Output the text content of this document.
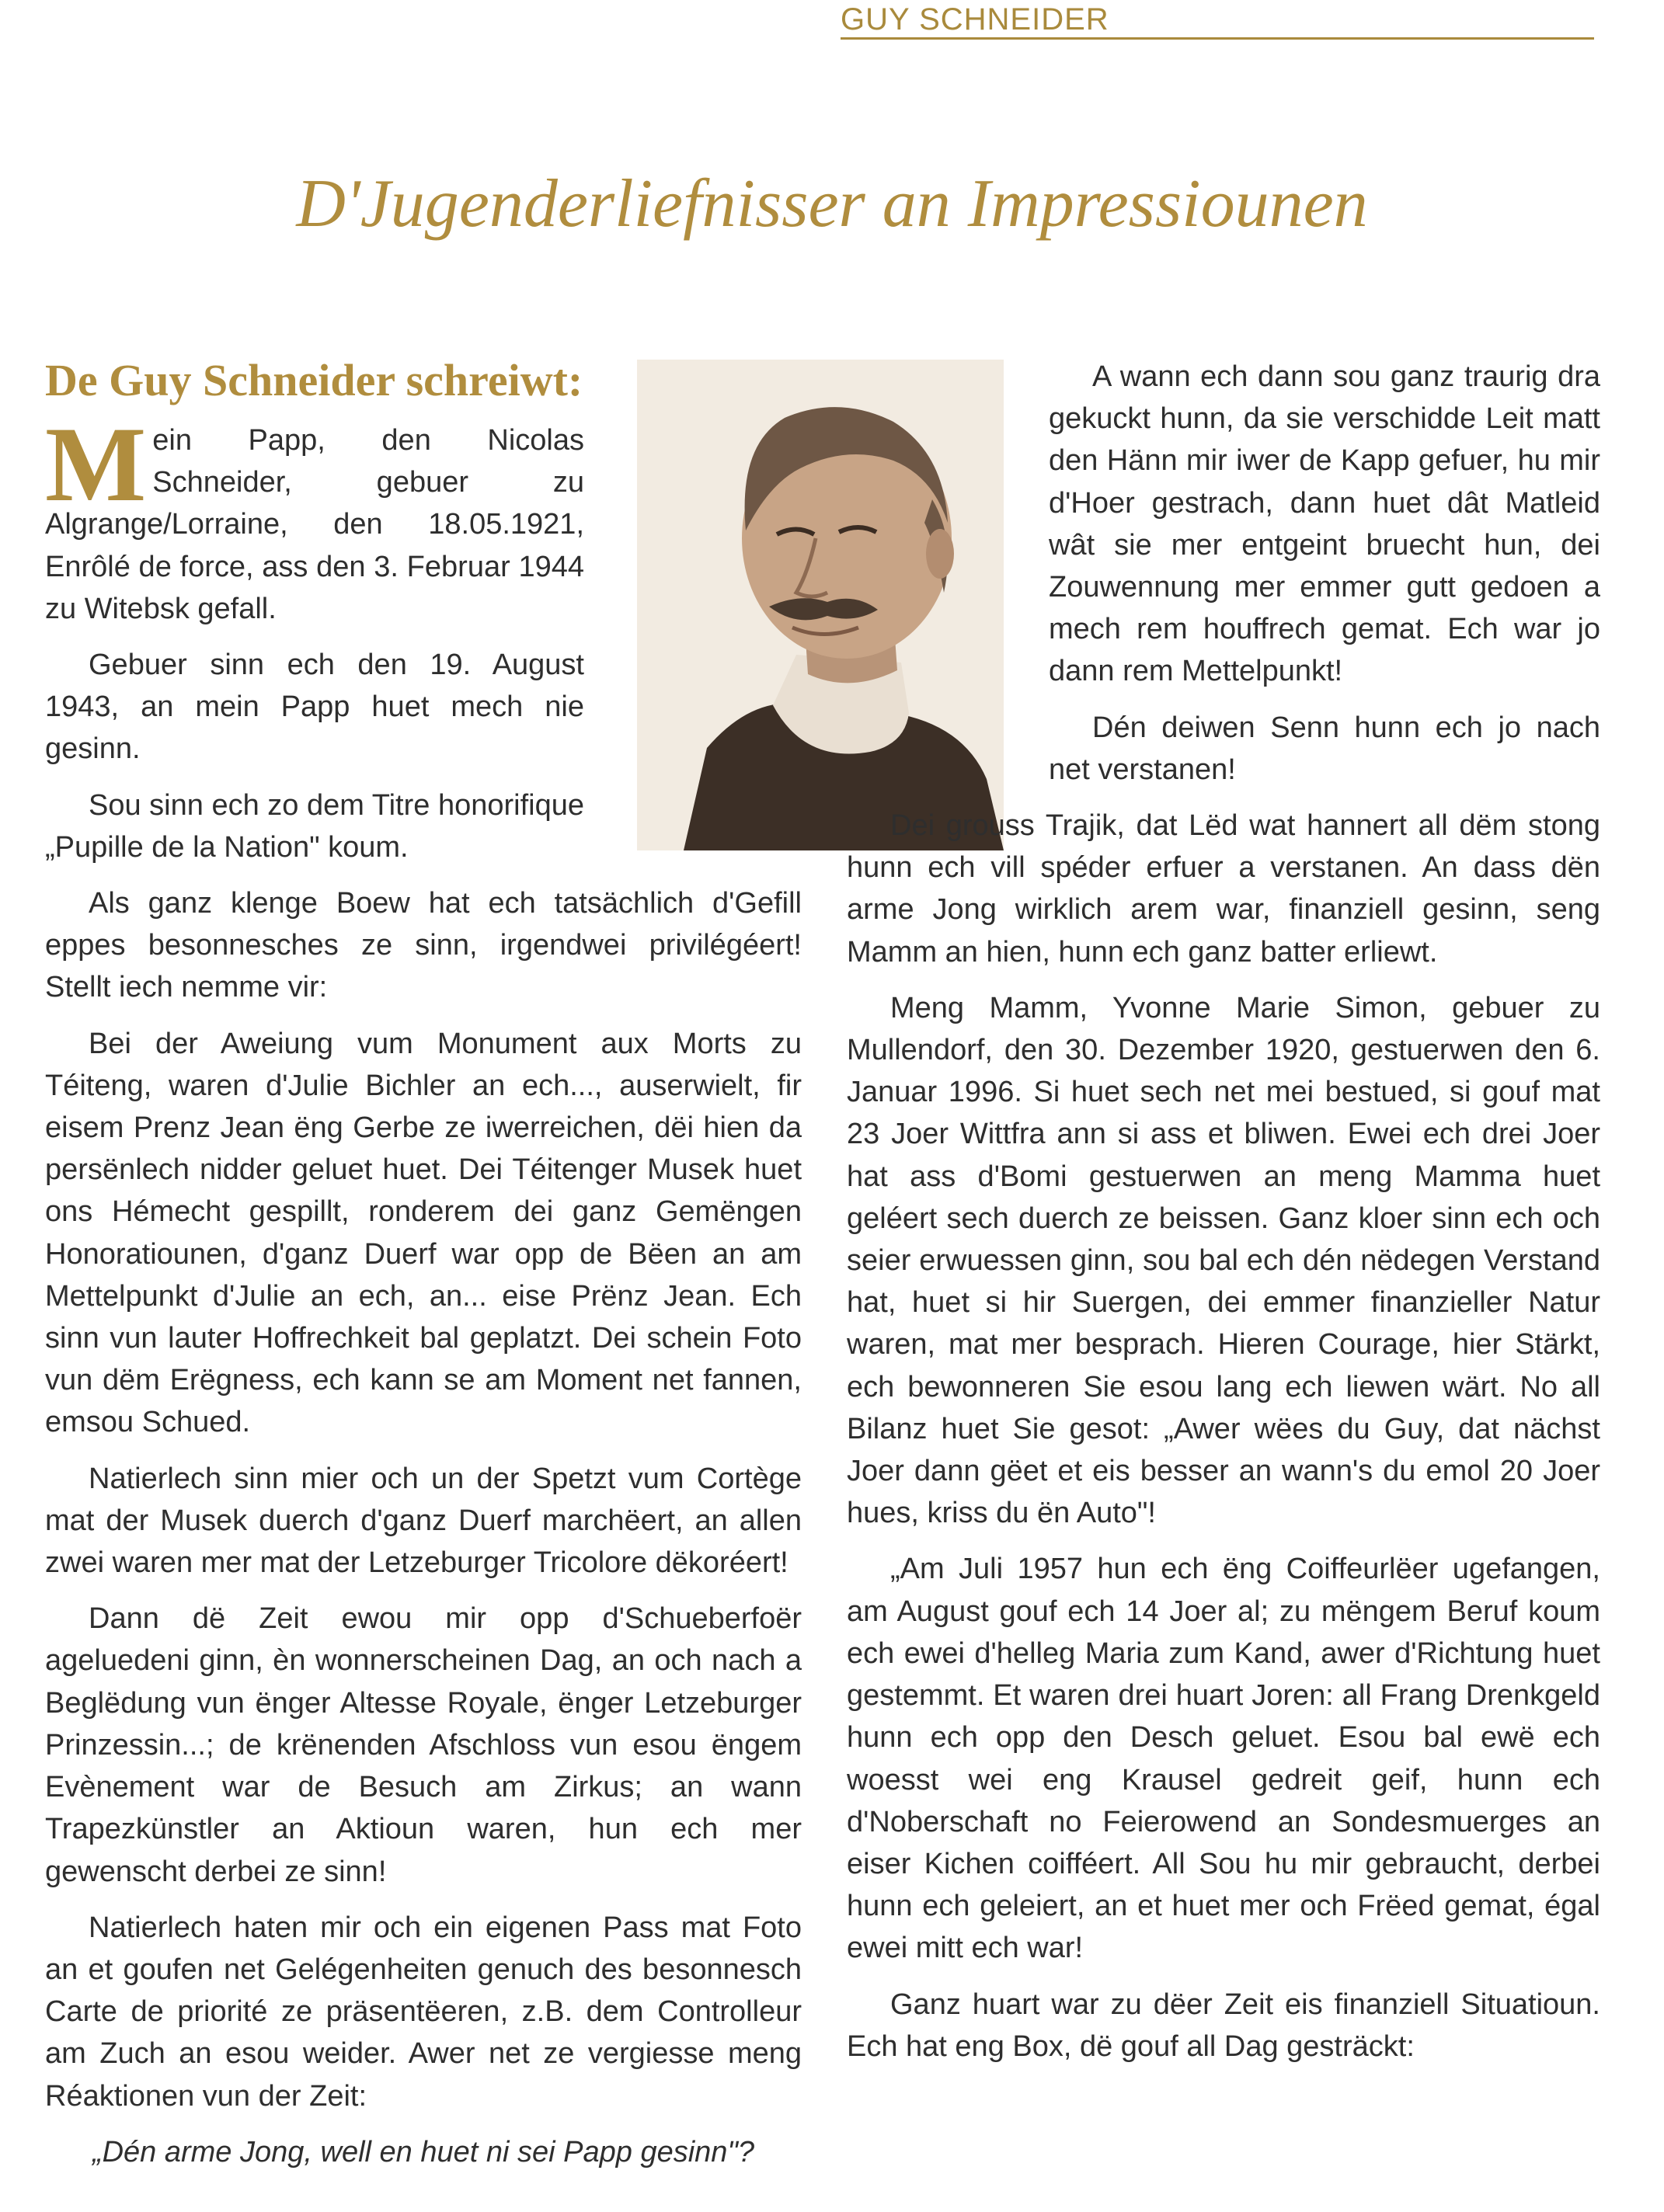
GUY SCHNEIDER
D'Jugenderliefnisser an Impressiounen

De Guy Schneider schreiwt:

Mein Papp, den Nicolas Schneider, gebuer zu Algrange/Lorraine, den 18.05.1921, Enrôlé de force, ass den 3. Februar 1944 zu Witebsk gefall.

Gebuer sinn ech den 19. August 1943, an mein Papp huet mech nie gesinn.

Sou sinn ech zo dem Titre honorifique „Pupille de la Nation" koum.

Als ganz klenge Boew hat ech tatsächlich d'Gefill eppes besonnesches ze sinn, irgendwei privilégéert! Stellt iech nemme vir:

Bei der Aweiung vum Monument aux Morts zu Téiteng, waren d'Julie Bichler an ech..., auserwielt, fir eisem Prenz Jean ëng Gerbe ze iwerreichen, dëi hien da persënlech nidder geluet huet. Dei Téitenger Musek huet ons Hémecht gespillt, ronderem dei ganz Gemëngen Honoratiounen, d'ganz Duerf war opp de Bëen an am Mettelpunkt d'Julie an ech, an... eise Prënz Jean. Ech sinn vun lauter Hoffrechkeit bal geplatzt. Dei schein Foto vun dëm Erëgness, ech kann se am Moment net fannen, emsou Schued.

Natierlech sinn mier och un der Spetzt vum Cortège mat der Musek duerch d'ganz Duerf marchëert, an allen zwei waren mer mat der Letzeburger Tricolore dëkoréert!

Dann dë Zeit ewou mir opp d'Schueberfoër ageluedeni ginn, èn wonnerscheinen Dag, an och nach a Beglëdung vun ënger Altesse Royale, ënger Letzeburger Prinzessin...; de krënenden Afschloss vun esou ëngem Evènement war de Besuch am Zirkus; an wann Trapezkünstler an Aktioun waren, hun ech mer gewenscht derbei ze sinn!

Natierlech haten mir och ein eigenen Pass mat Foto an et goufen net Gelégenheiten genuch des besonnesch Carte de priorité ze präsentëeren, z.B. dem Controlleur am Zuch an esou weider. Awer net ze vergiesse meng Réaktionen vun der Zeit:

„Dén arme Jong, well en huet ni sei Papp gesinn"?

A wann ech dann sou ganz traurig dra gekuckt hunn, da sie verschidde Leit matt den Hänn mir iwer de Kapp gefuer, hu mir d'Hoer gestrach, dann huet dât Matleid wât sie mer entgeint bruecht hun, dei Zouwennung mer emmer gutt gedoen a mech rem houffrech gemat. Ech war jo dann rem Mettelpunkt!

Dén deiwen Senn hunn ech jo nach net verstanen!

Dei grouss Trajik, dat Lëd wat hannert all dëm stong hunn ech vill spéder erfuer a verstanen. An dass dën arme Jong wirklich arem war, finanziell gesinn, seng Mamm an hien, hunn ech ganz batter erliewt.

Meng Mamm, Yvonne Marie Simon, gebuer zu Mullendorf, den 30. Dezember 1920, gestuerwen den 6. Januar 1996. Si huet sech net mei bestued, si gouf mat 23 Joer Wittfra ann si ass et bliwen. Ewei ech drei Joer hat ass d'Bomi gestuerwen an meng Mamma huet geléert sech duerch ze beissen. Ganz kloer sinn ech och seier erwuessen ginn, sou bal ech dén nëdegen Verstand hat, huet si hir Suergen, dei emmer finanzieller Natur waren, mat mer besprach. Hieren Courage, hier Stärkt, ech bewonneren Sie esou lang ech liewen wärt. No all Bilanz huet Sie gesot: „Awer wëes du Guy, dat nächst Joer dann gëet et eis besser an wann's du emol 20 Joer hues, kriss du ën Auto"!

„Am Juli 1957 hun ech ëng Coiffeurlëer ugefangen, am August gouf ech 14 Joer al; zu mëngem Beruf koum ech ewei d'helleg Maria zum Kand, awer d'Richtung huet gestemmt. Et waren drei huart Joren: all Frang Drenkgeld hunn ech opp den Desch geluet. Esou bal ewë ech woesst wei eng Krausel gedreit geif, hunn ech d'Noberschaft no Feierowend an Sondesmuerges an eiser Kichen coifféert. All Sou hu mir gebraucht, derbei hunn ech geleiert, an et huet mer och Frëed gemat, égal ewei mitt ech war!

Ganz huart war zu dëer Zeit eis finanziell Situatioun. Ech hat eng Box, dë gouf all Dag gesträckt:
